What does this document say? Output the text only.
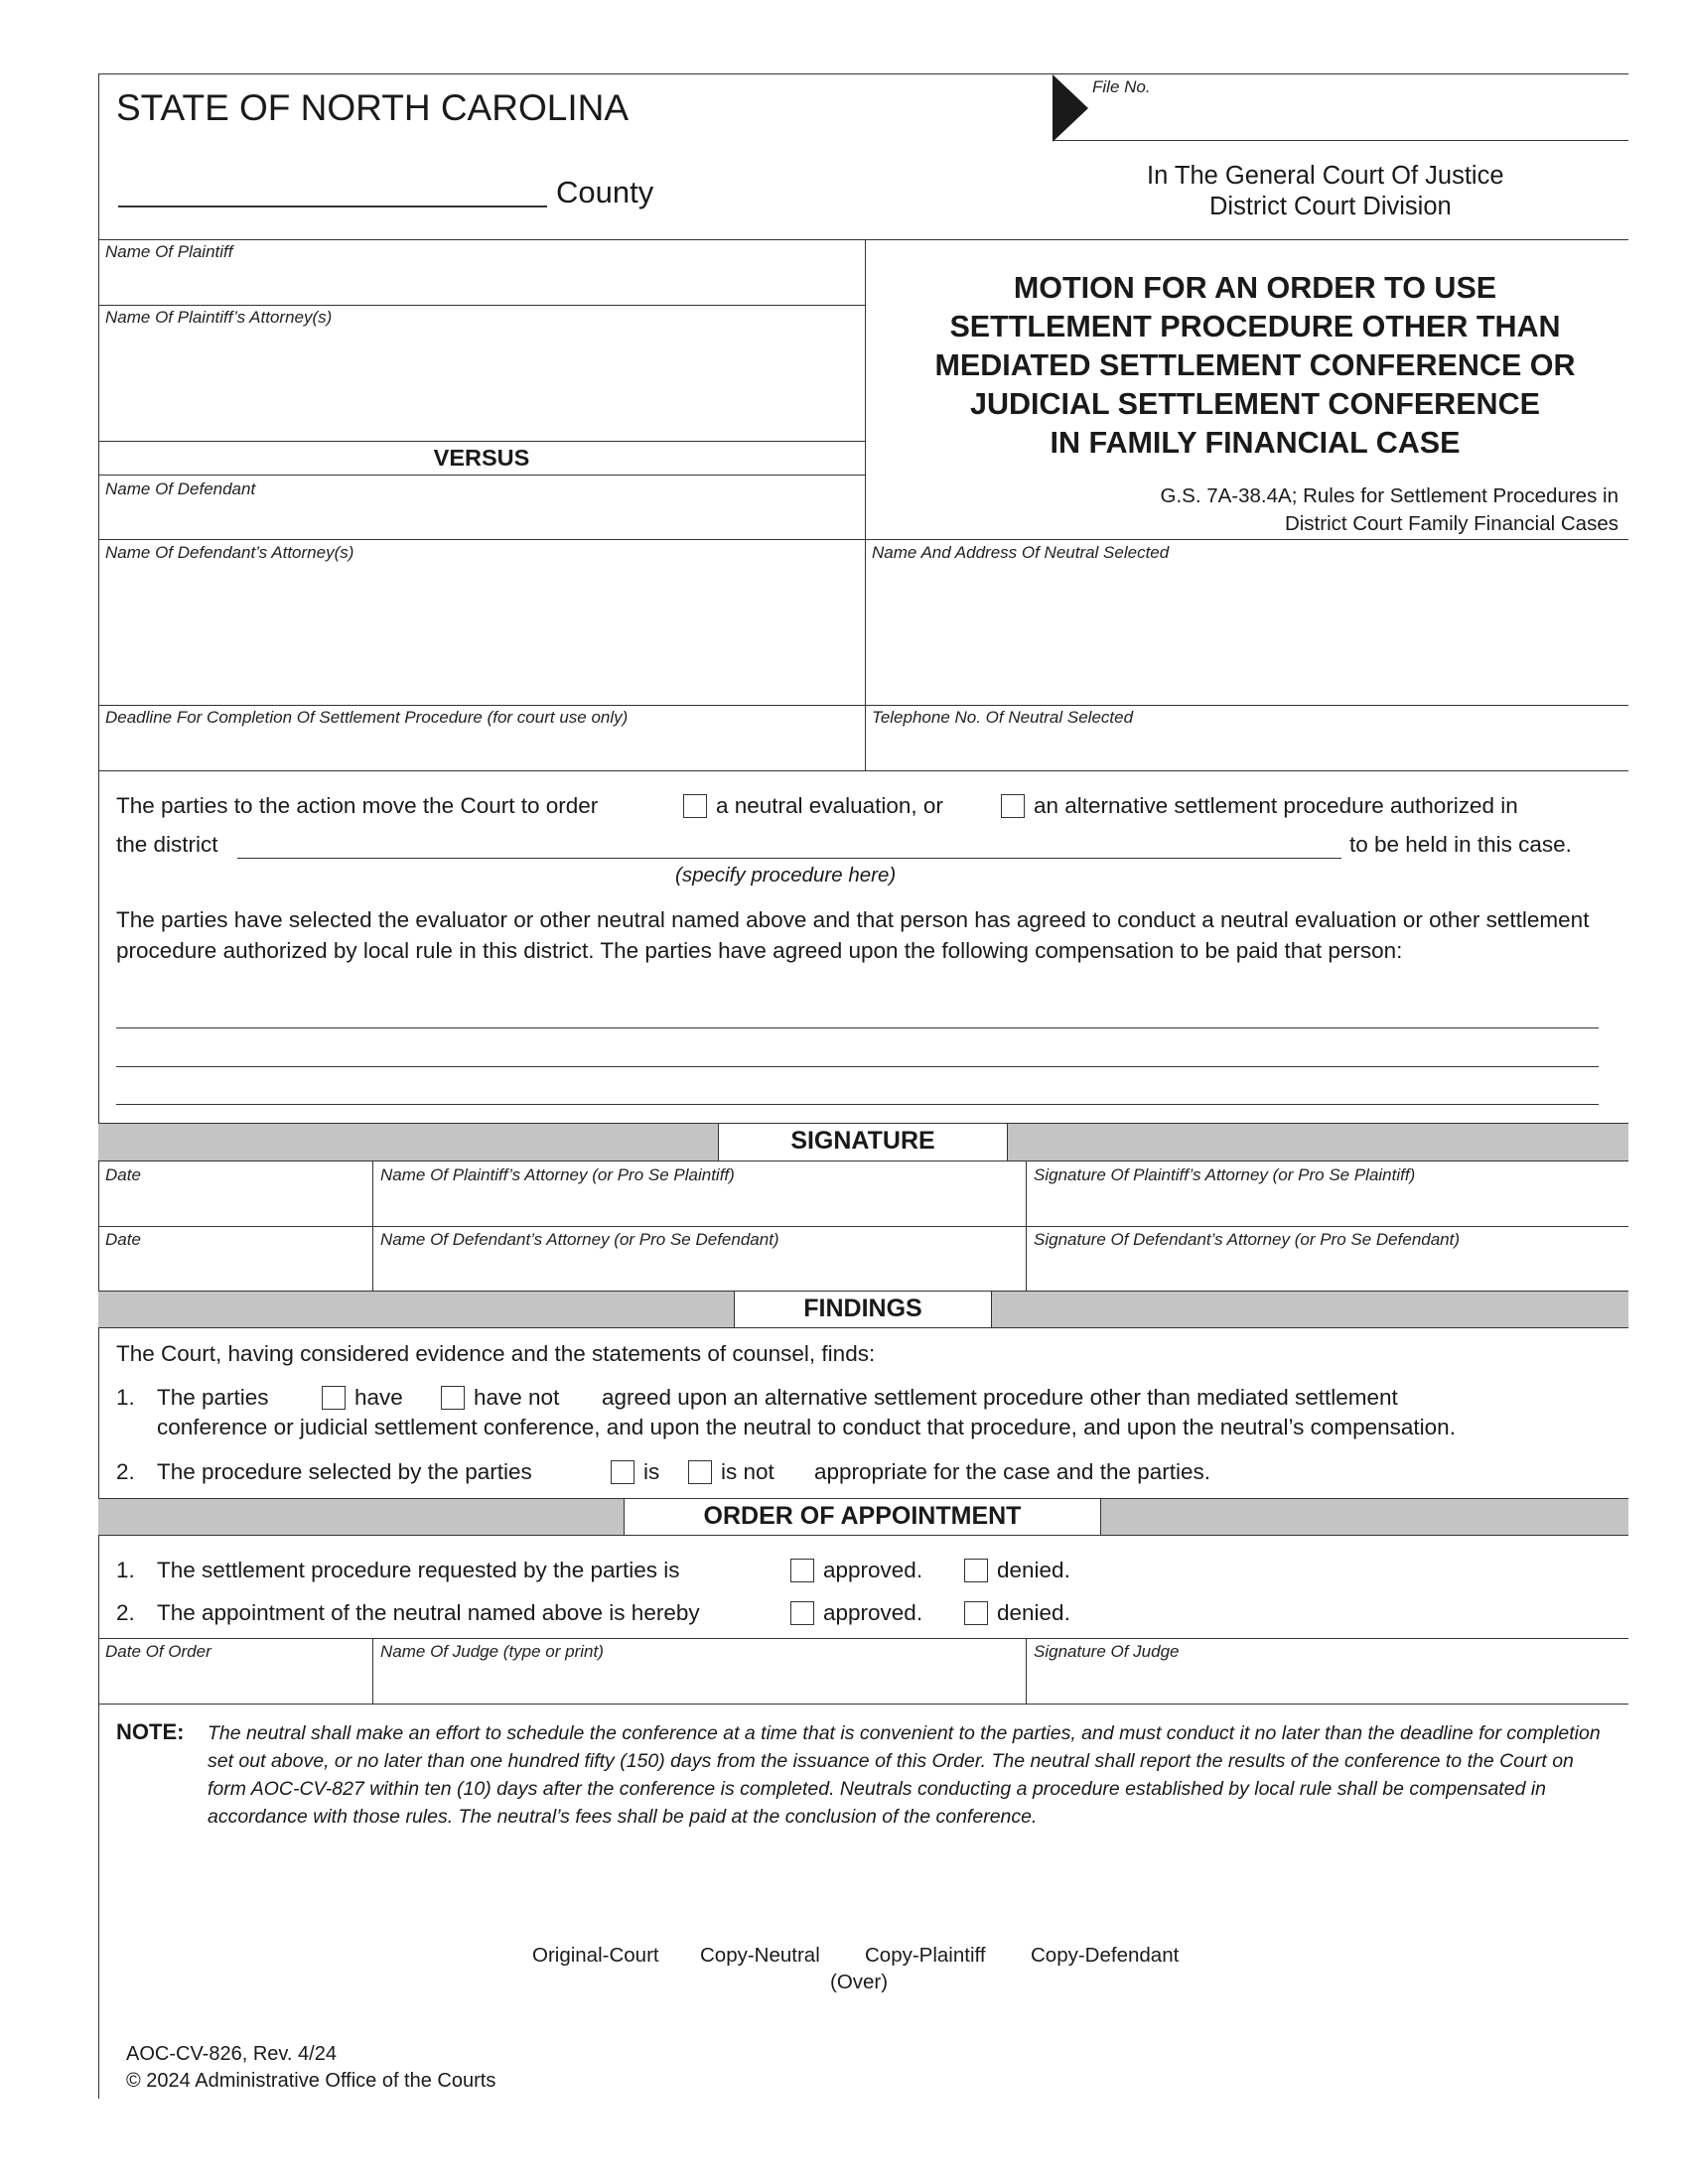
STATE OF NORTH CAROLINA
County
File No.
In The General Court Of Justice
District Court Division
Name Of Plaintiff
Name Of Plaintiff’s Attorney(s)
VERSUS
Name Of Defendant
Name Of Defendant’s Attorney(s)	Name And Address Of Neutral Selected
Deadline For Completion Of Settlement Procedure (for court use only)	Telephone No. Of Neutral Selected
MOTION FOR AN ORDER TO USE
SETTLEMENT PROCEDURE OTHER THAN
MEDIATED SETTLEMENT CONFERENCE OR
JUDICIAL SETTLEMENT CONFERENCE
IN FAMILY FINANCIAL CASE
G.S. 7A-38.4A; Rules for Settlement Procedures in
District Court Family Financial Cases
The parties to the action move the Court to order	a neutral evaluation, or	an alternative settlement procedure authorized in
the district	to be held in this case.
(specify procedure here)
The parties have selected the evaluator or other neutral named above and that person has agreed to conduct a neutral evaluation or other settlement procedure authorized by local rule in this district. The parties have agreed upon the following compensation to be paid that person:
SIGNATURE
Date	Name Of Plaintiff’s Attorney (or Pro Se Plaintiff)	Signature Of Plaintiff’s Attorney (or Pro Se Plaintiff)
Date	Name Of Defendant’s Attorney (or Pro Se Defendant)	Signature Of Defendant’s Attorney (or Pro Se Defendant)
FINDINGS
The Court, having considered evidence and the statements of counsel, finds:
1. The parties	have	have not agreed upon an alternative settlement procedure other than mediated settlement
conference or judicial settlement conference, and upon the neutral to conduct that procedure, and upon the neutral’s compensation.
2. The procedure selected by the parties	is	is not appropriate for the case and the parties.
ORDER OF APPOINTMENT
1. The settlement procedure requested by the parties is	approved.	denied.
2. The appointment of the neutral named above is hereby	approved.	denied.
Date Of Order	Name Of Judge (type or print)	Signature Of Judge
NOTE: The neutral shall make an effort to schedule the conference at a time that is convenient to the parties, and must conduct it no later than the deadline for completion set out above, or no later than one hundred fifty (150) days from the issuance of this Order. The neutral shall report the results of the conference to the Court on form AOC-CV-827 within ten (10) days after the conference is completed. Neutrals conducting a procedure established by local rule shall be compensated in accordance with those rules. The neutral’s fees shall be paid at the conclusion of the conference.
Original-Court Copy-Neutral Copy-Plaintiff Copy-Defendant
(Over)
AOC-CV-826, Rev. 4/24
© 2024 Administrative Office of the Courts
